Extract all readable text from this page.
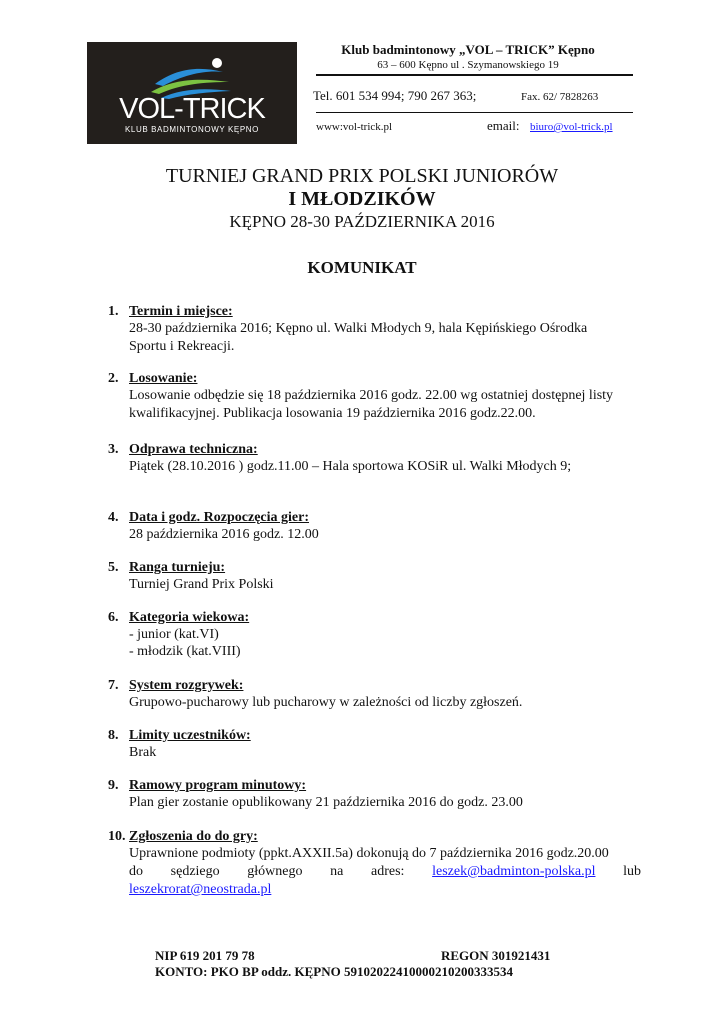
VOL-TRICK
KLUB BADMINTONOWY KĘPNO
Klub badmintonowy „VOL – TRICK” Kępno
63 – 600 Kępno ul . Szymanowskiego 19
Tel. 601 534 994; 790 267 363;	Fax. 62/ 7828263
www:vol-trick.pl	email: biuro@vol-trick.pl
TURNIEJ GRAND PRIX POLSKI JUNIORÓW
I MŁODZIKÓW
KĘPNO 28-30 PAŹDZIERNIKA 2016
KOMUNIKAT
1. Termin i miejsce:
28-30 października 2016; Kępno ul. Walki Młodych 9, hala Kępińskiego Ośrodka
Sportu i Rekreacji.
2. Losowanie:
Losowanie odbędzie się 18 października 2016 godz. 22.00 wg ostatniej dostępnej listy
kwalifikacyjnej. Publikacja losowania 19 października 2016 godz.22.00.
3. Odprawa techniczna:
Piątek (28.10.2016 ) godz.11.00 – Hala sportowa KOSiR ul. Walki Młodych 9;
4. Data i godz. Rozpoczęcia gier:
28 października 2016 godz. 12.00
5. Ranga turnieju:
Turniej Grand Prix Polski
6. Kategoria wiekowa:
- junior (kat.VI)
- młodzik (kat.VIII)
7. System rozgrywek:
Grupowo-pucharowy lub pucharowy w zależności od liczby zgłoszeń.
8. Limity uczestników:
Brak
9. Ramowy program minutowy:
Plan gier zostanie opublikowany 21 października 2016 do godz. 23.00
10. Zgłoszenia do do gry:
Uprawnione podmioty (ppkt.AXXII.5a) dokonują do 7 października 2016 godz.20.00
do sędziego głównego na adres: leszek@badminton-polska.pl lub
leszekrorat@neostrada.pl
NIP 619 201 79 78	REGON 301921431
KONTO: PKO BP oddz. KĘPNO 59102022410000210200333534
